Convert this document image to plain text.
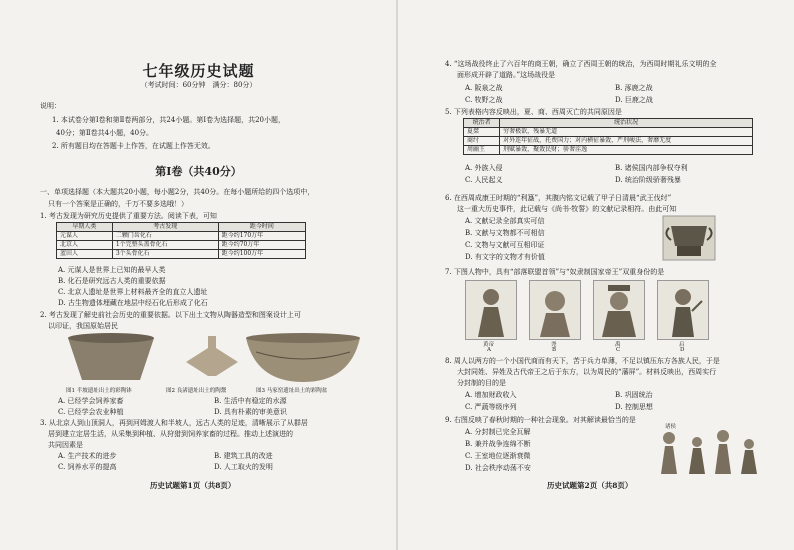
七年级历史试题
（考试时间：60分钟　满分：80分）
说明：
1. 本试卷分第Ⅰ卷和第Ⅱ卷两部分，共24小题。第Ⅰ卷为选择题，共20小题，
40分；第Ⅱ卷共4小题，40分。
2. 所有题目均在答题卡上作答，在试题上作答无效。
第Ⅰ卷（共40分）
一、单项选择题（本大题共20小题，每小题2分，共40分。在每小题所给的四个选项中，
只有一个答案是正确的，千万不要多选哦！）
1. 考古发现为研究历史提供了重要方法。阅读下表，可知
早期人类	考古发现	距今时间
元谋人	二颗门齿化石	距今约170万年
北京人	1个完整头盖骨化石	距今约70万年
蓝田人	3个头骨化石	距今约100万年
A. 元谋人是世界上已知的最早人类
B. 化石是研究远古人类的重要依据
C. 北京人遗址是世界上材料最齐全的直立人遗址
D. 古生物遗体埋藏在地层中经石化后形成了化石
2. 考古发现了解史前社会历史的重要依据。以下出土文物从陶器造型和图案设计上可
以印证，我国原始居民
图1 半坡遗址出土的彩陶钵	图2 良渚遗址出土的陶鬶	图3 马家窑遗址出土的彩陶盆
A. 已经学会饲养家畜	B. 生活中有稳定的水源
C. 已经学会农业种植	D. 具有朴素的审美意识
3. 从北京人到山顶洞人，再到河姆渡人和半坡人，远古人类的足迹，清晰展示了从群居
居到建立定居生活，从采集到种植、从狩猎到饲养家畜的过程。推动上述演进的
共同因素是
A. 生产技术的进步	B. 建筑工具的改进
C. 饲养水平的提高	D. 人工取火的发明
历史试题第1页（共8页）
4. “这场战役终止了六百年的商王朝，确立了西周王朝的统治，为西周时期礼乐文明的全
面形成开辟了道路。”这场战役是
A. 阪泉之战	B. 涿鹿之战
C. 牧野之战	D. 巨鹿之战
5. 下列表格内容反映出，夏、商、西周灭亡的共同原因是
统治者	统治状况
夏桀	穷奢极欲，残暴无道
商纣	对外连年征战，托费国力；对内横征暴敛，严刑峻法，奢靡无度
周幽王	刑赋暴敛，聚敛民财；骄奢淫逸
A. 外族入侵	B. 诸侯国内部争权夺利
C. 人民起义	D. 统治阶级骄奢残暴
6. 在西周成康王时期的“利簋”，其腹内铭文记载了甲子日清晨“武王伐纣”
这一重大历史事件，此记载与《尚书·牧誓》的文献记录相符。由此可知
A. 文献记录全部真实可信
B. 文献与文物都不可相信
C. 文物与文献可互相印证
D. 有文字的文物才有价值
7. 下图人物中，具有“部落联盟首领”与“奴隶制国家帝王”双重身份的是
黄帝	尧	禹	启
A	B	C	D
8. 周人以两方的一个小国代商而有天下，苦于兵力单薄，不足以镇压东方各族人民，于是
大封同姓、异姓及古代帝王之后于东方，以为周民的“藩屏”。材料反映出，西周实行
分封制的目的是
A. 增加财政收入	B. 巩固统治
C. 严蔬等级序列	D. 控制思想
9. 右图反映了春秋时期的一种社会现象。对其解读最恰当的是
A. 分封制已完全瓦解
B. 兼并战争连绵不断
C. 王室地位逐渐衰微
D. 社会秩序动荡不安
诸侯
历史试题第2页（共8页）
